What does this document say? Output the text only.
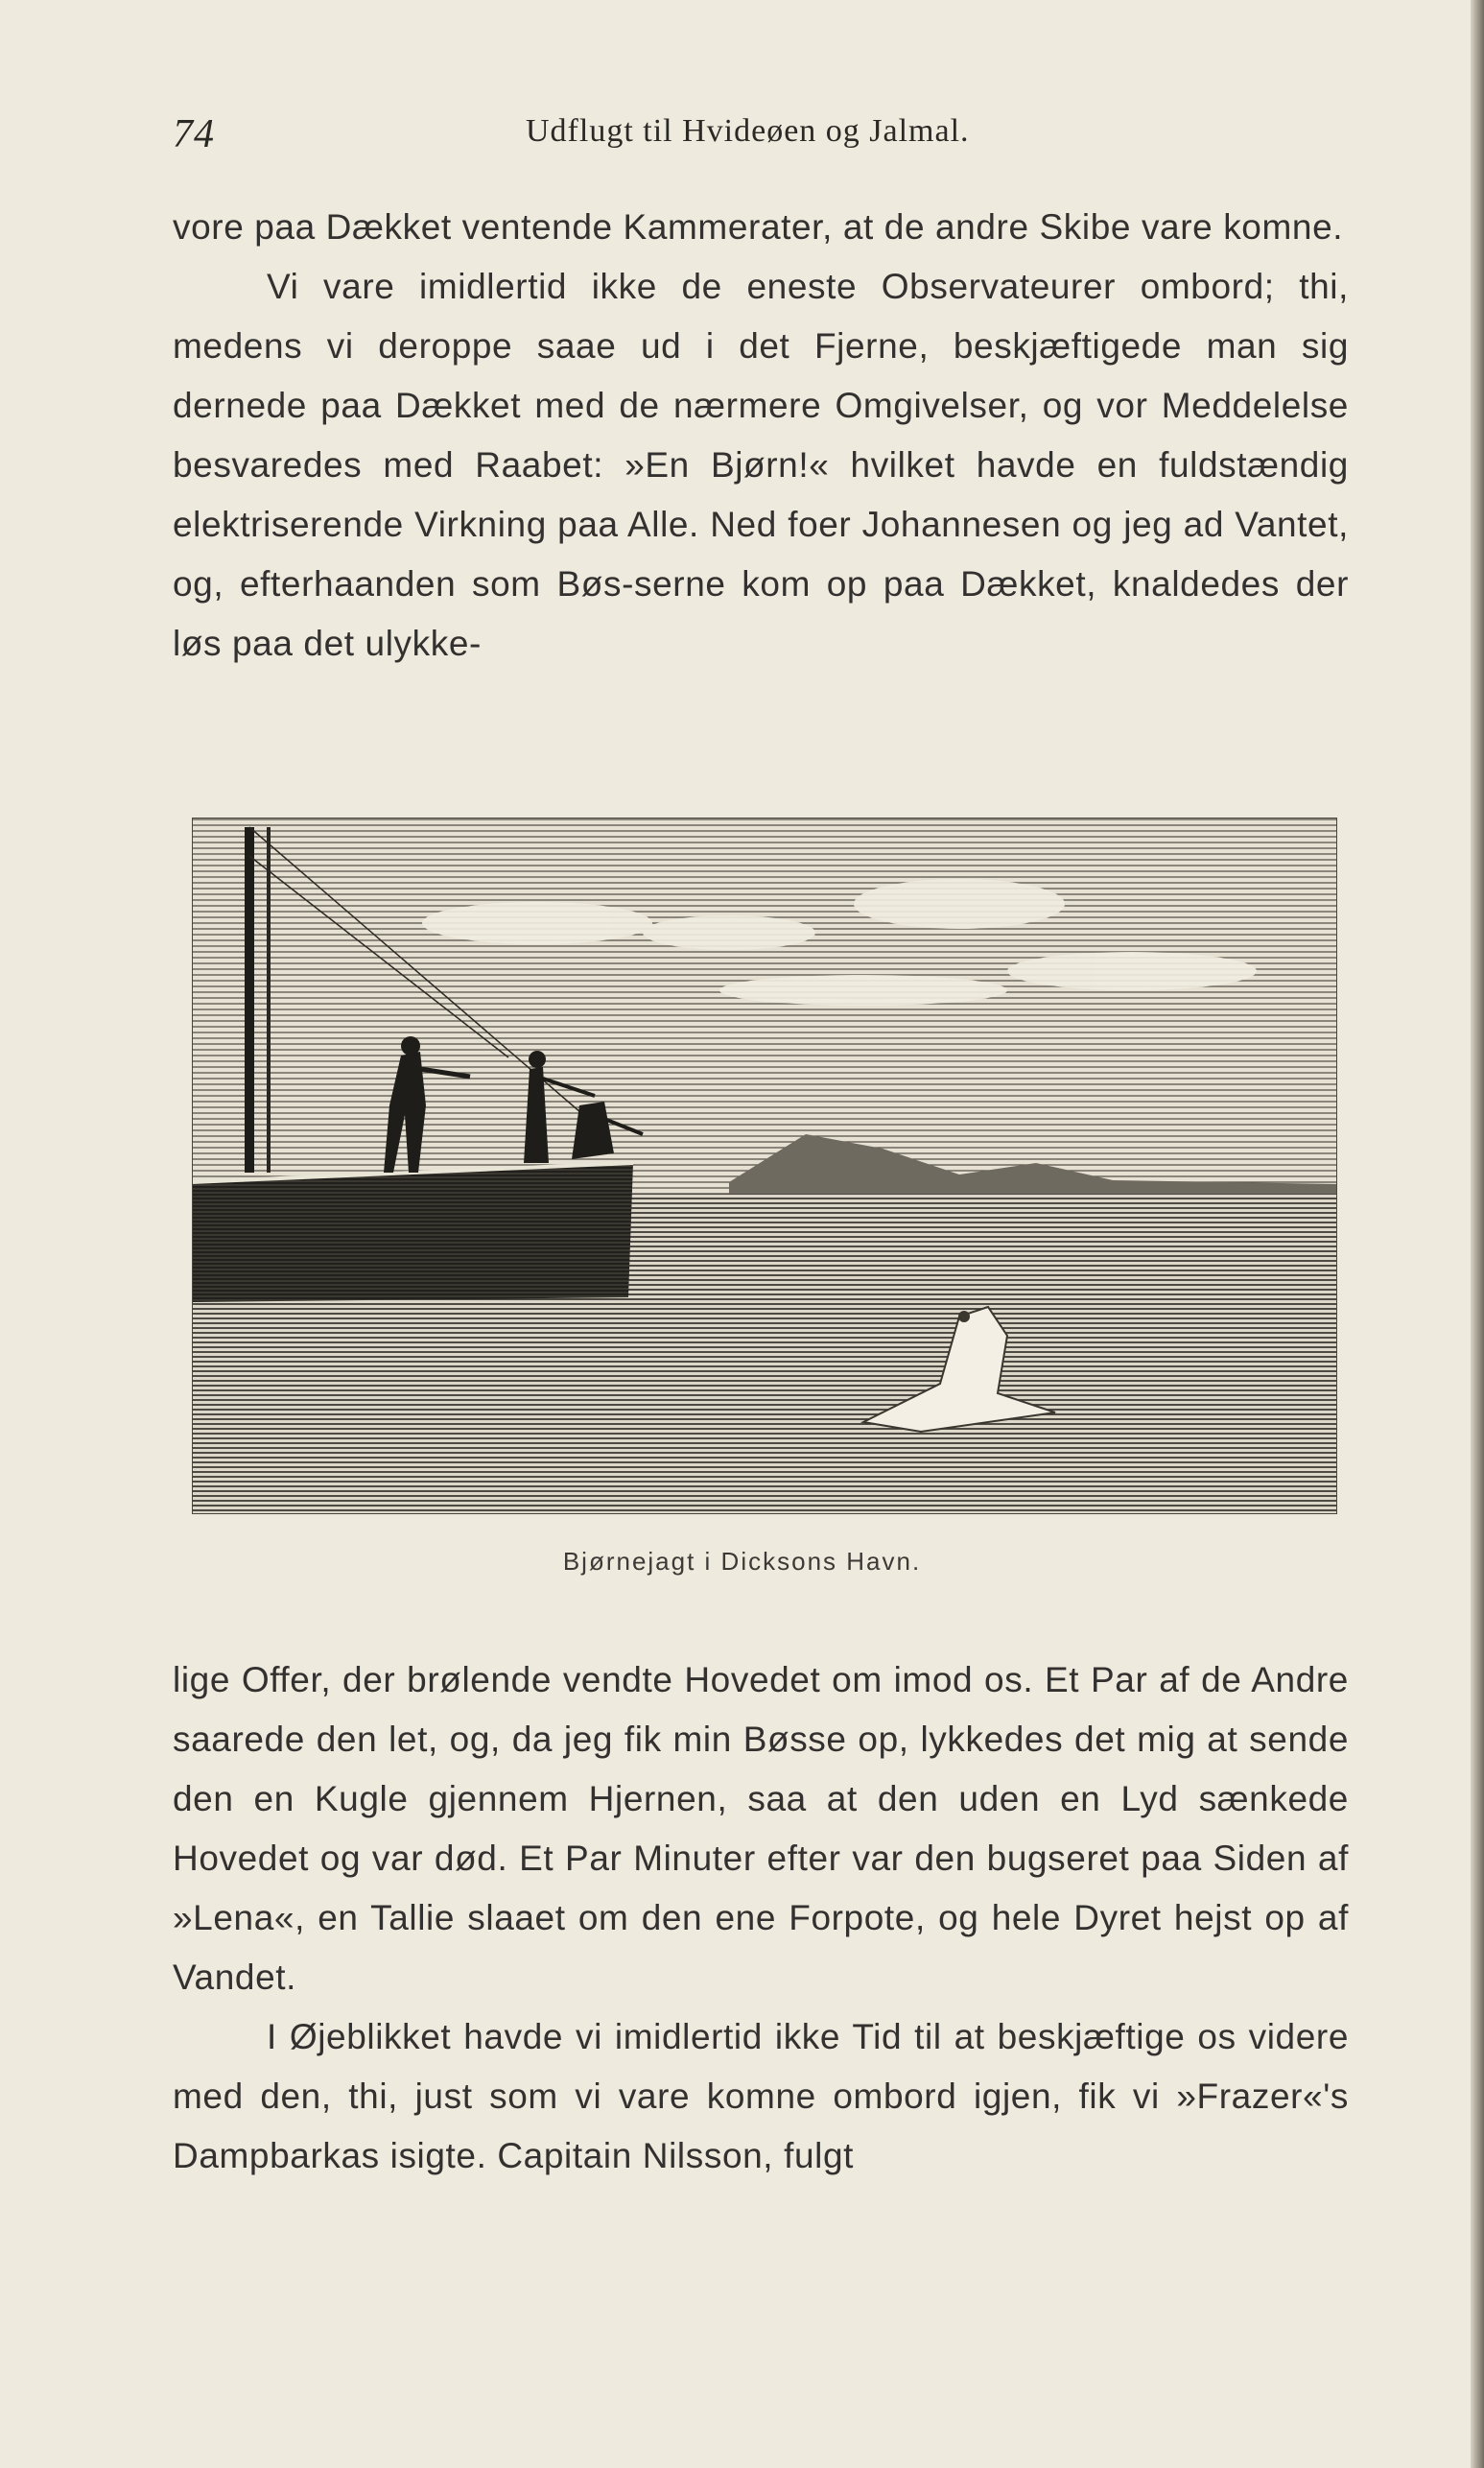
74	Udflugt til Hvideøen og Jalmal.

vore paa Dækket ventende Kammerater, at de andre Skibe vare komne.

Vi vare imidlertid ikke de eneste Observateurer ombord; thi, medens vi deroppe saae ud i det Fjerne, beskjæftigede man sig dernede paa Dækket med de nærmere Omgivelser, og vor Meddelelse besvaredes med Raabet: »En Bjørn!« hvilket havde en fuldstændig elektriserende Virkning paa Alle. Ned foer Johannesen og jeg ad Vantet, og, efterhaanden som Bøs-serne kom op paa Dækket, knaldedes der løs paa det ulykke-

Bjørnejagt i Dicksons Havn.

lige Offer, der brølende vendte Hovedet om imod os. Et Par af de Andre saarede den let, og, da jeg fik min Bøsse op, lykkedes det mig at sende den en Kugle gjennem Hjernen, saa at den uden en Lyd sænkede Hovedet og var død. Et Par Minuter efter var den bugseret paa Siden af »Lena«, en Tallie slaaet om den ene Forpote, og hele Dyret hejst op af Vandet.

I Øjeblikket havde vi imidlertid ikke Tid til at beskjæftige os videre med den, thi, just som vi vare komne ombord igjen, fik vi »Frazer«'s Dampbarkas isigte. Capitain Nilsson, fulgt
